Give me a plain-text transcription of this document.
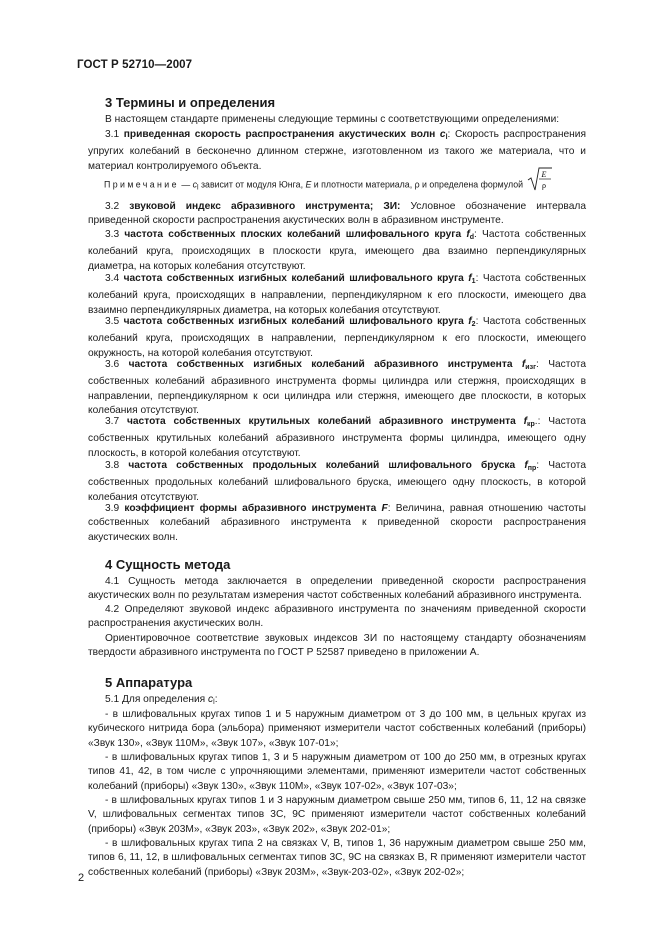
ГОСТ Р 52710—2007
3 Термины и определения
В настоящем стандарте применены следующие термины с соответствующими определениями:
3.1 приведенная скорость распространения акустических волн $c_l$: Скорость распространения упругих колебаний в бесконечно длинном стержне, изготовленном из такого же материала, что и материал контролируемого объекта.
Примечание — $c_l$ зависит от модуля Юнга, E и плотности материала, ρ и определена формулой
E
ρ
3.2 звуковой индекс абразивного инструмента; ЗИ: Условное обозначение интервала приведенной скорости распространения акустических волн в абразивном инструменте.
3.3 частота собственных плоских колебаний шлифовального круга $f_d$: Частота собственных колебаний круга, происходящих в плоскости круга, имеющего два взаимно перпендикулярных диаметра, на которых колебания отсутствуют.
3.4 частота собственных изгибных колебаний шлифовального круга $f_1$: Частота собственных колебаний круга, происходящих в направлении, перпендикулярном к его плоскости, имеющего два взаимно перпендикулярных диаметра, на которых колебания отсутствуют.
3.5 частота собственных изгибных колебаний шлифовального круга $f_2$: Частота собственных колебаний круга, происходящих в направлении, перпендикулярном к его плоскости, имеющего окружность, на которой колебания отсутствуют.
3.6 частота собственных изгибных колебаний абразивного инструмента $f_{изг}$: Частота собственных колебаний абразивного инструмента формы цилиндра или стержня, происходящих в направлении, перпендикулярном к оси цилиндра или стержня, имеющего две плоскости, в которых колебания отсутствуют.
3.7 частота собственных крутильных колебаний абразивного инструмента $f_{кр}$.: Частота собственных крутильных колебаний абразивного инструмента формы цилиндра, имеющего одну плоскость, в которой колебания отсутствуют.
3.8 частота собственных продольных колебаний шлифовального бруска $f_{пр}$: Частота собственных продольных колебаний шлифовального бруска, имеющего одну плоскость, в которой колебания отсутствуют.
3.9 коэффициент формы абразивного инструмента F: Величина, равная отношению частоты собственных колебаний абразивного инструмента к приведенной скорости распространения акустических волн.
4 Сущность метода
4.1 Сущность метода заключается в определении приведенной скорости распространения акустических волн по результатам измерения частот собственных колебаний абразивного инструмента.
4.2 Определяют звуковой индекс абразивного инструмента по значениям приведенной скорости распространения акустических волн.
Ориентировочное соответствие звуковых индексов ЗИ по настоящему стандарту обозначениям твердости абразивного инструмента по ГОСТ Р 52587 приведено в приложении А.
5 Аппаратура
5.1 Для определения $c_l$:
- в шлифовальных кругах типов 1 и 5 наружным диаметром от 3 до 100 мм, в цельных кругах из кубического нитрида бора (эльбора) применяют измерители частот собственных колебаний (приборы) «Звук 130», «Звук 110М», «Звук 107», «Звук 107-01»;
- в шлифовальных кругах типов 1, 3 и 5 наружным диаметром от 100 до 250 мм, в отрезных кругах типов 41, 42, в том числе с упрочняющими элементами, применяют измерители частот собственных колебаний (приборы) «Звук 130», «Звук 110М», «Звук 107-02», «Звук 107-03»;
- в шлифовальных кругах типов 1 и 3 наружным диаметром свыше 250 мм, типов 6, 11, 12 на связке V, шлифовальных сегментах типов 3С, 9С применяют измерители частот собственных колебаний (приборы) «Звук 203М», «Звук 203», «Звук 202», «Звук 202-01»;
- в шлифовальных кругах типа 2 на связках V, B, типов 1, 36 наружным диаметром свыше 250 мм, типов 6, 11, 12, в шлифовальных сегментах типов 3С, 9С на связках B, R применяют измерители частот собственных колебаний (приборы) «Звук 203М», «Звук-203-02», «Звук 202-02»;
2
